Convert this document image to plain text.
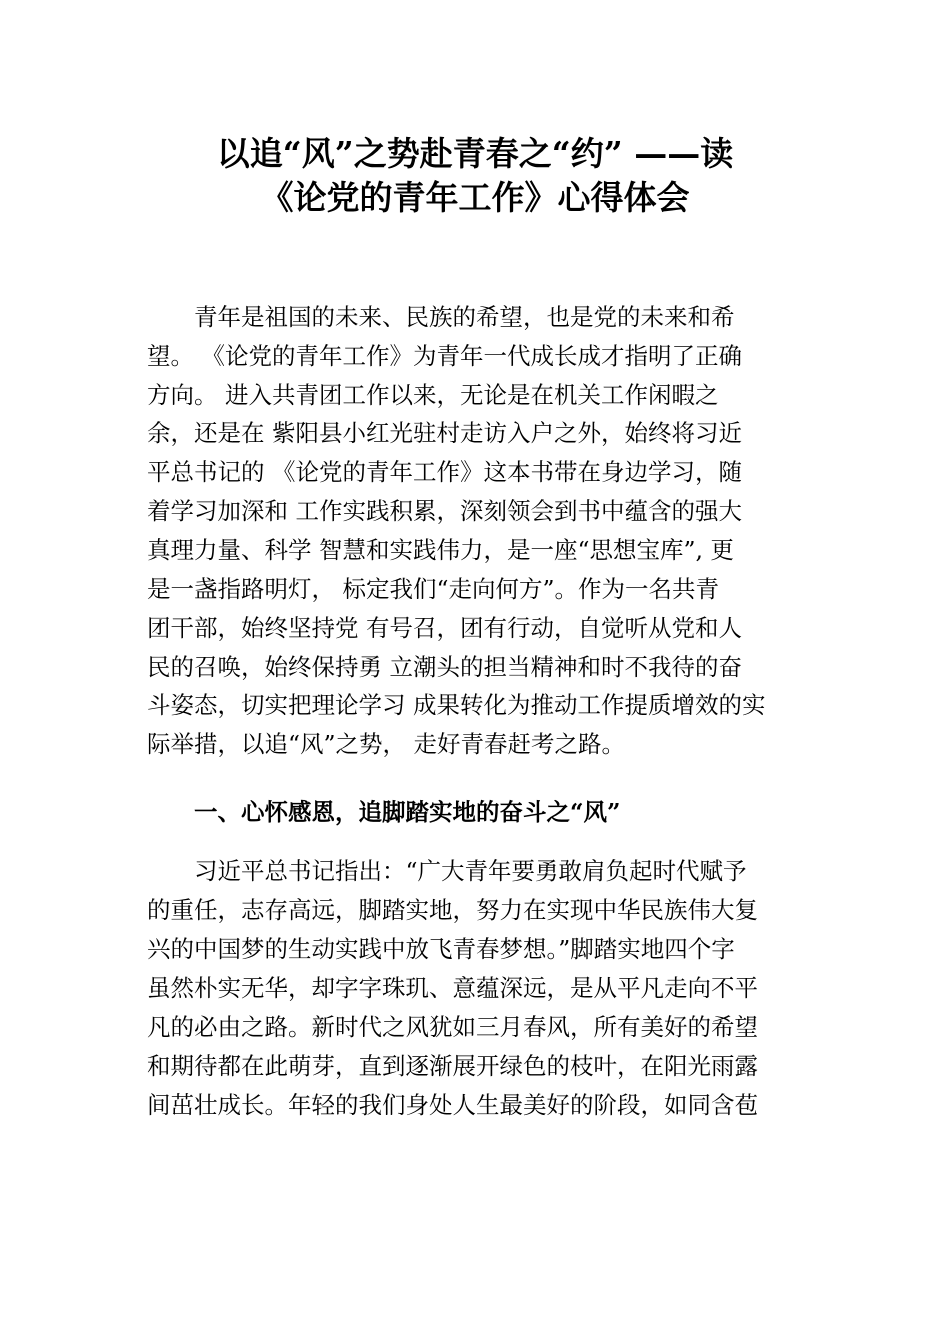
以追“风”之势赴青春之“约” ——读
《论党的青年工作》心得体会

青年是祖国的未来、民族的希望，也是党的未来和希

望。 《论党的青年工作》为青年一代成长成才指明了正确

方向。 进入共青团工作以来，无论是在机关工作闲暇之

余，还是在 紫阳县小红光驻村走访入户之外，始终将习近

平总书记的 《论党的青年工作》这本书带在身边学习，随

着学习加深和 工作实践积累，深刻领会到书中蕴含的强大

真理力量、科学 智慧和实践伟力，是一座“思想宝库”, 更

是一盏指路明灯， 标定我们“走向何方”。作为一名共青

团干部，始终坚持党 有号召，团有行动，自觉听从党和人

民的召唤，始终保持勇 立潮头的担当精神和时不我待的奋

斗姿态，切实把理论学习 成果转化为推动工作提质增效的实

际举措，以追“风”之势， 走好青春赶考之路。

一、心怀感恩，追脚踏实地的奋斗之“风”

习近平总书记指出：“广大青年要勇敢肩负起时代赋予

的重任，志存高远，脚踏实地，努力在实现中华民族伟大复

兴的中国梦的生动实践中放飞青春梦想。”脚踏实地四个字

虽然朴实无华，却字字珠玑、意蕴深远，是从平凡走向不平

凡的必由之路。新时代之风犹如三月春风，所有美好的希望

和期待都在此萌芽，直到逐渐展开绿色的枝叶，在阳光雨露

间茁壮成长。年轻的我们身处人生最美好的阶段，如同含苞
